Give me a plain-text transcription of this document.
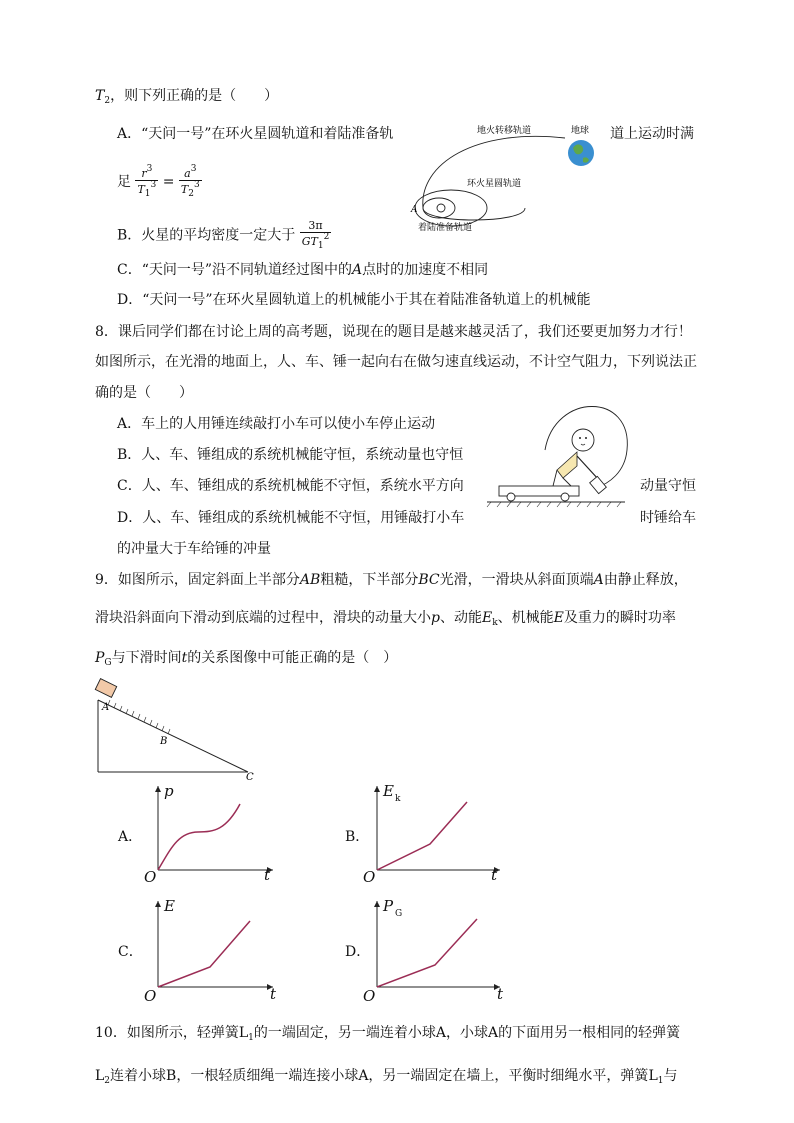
$T_2$，则下列正确的是（　　）
A．“天问一号”在环火星圆轨道和着陆准备轨	道上运动时满
足 $\frac{r^3}{T_1^3} = \frac{a^3}{T_2^3}$
B．火星的平均密度一定大于 $\frac{3\pi}{GT_1^2}$
C．“天问一号”沿不同轨道经过图中的A点时的加速度不相同
D．“天问一号”在环火星圆轨道上的机械能小于其在着陆准备轨道上的机械能
地火转移轨道	地球
环火星圆轨道
着陆准备轨道
A
8．课后同学们都在讨论上周的高考题，说现在的题目是越来越灵活了，我们还要更加努力才行！
如图所示，在光滑的地面上，人、车、锤一起向右在做匀速直线运动，不计空气阻力，下列说法正
确的是（　　）
A．车上的人用锤连续敲打小车可以使小车停止运动
B．人、车、锤组成的系统机械能守恒，系统动量也守恒
C．人、车、锤组成的系统机械能不守恒，系统水平方向	动量守恒
D．人、车、锤组成的系统机械能不守恒，用锤敲打小车	时锤给车
的冲量大于车给锤的冲量
9．如图所示，固定斜面上半部分AB粗糙，下半部分BC光滑，一滑块从斜面顶端A由静止释放，
滑块沿斜面向下滑动到底端的过程中，滑块的动量大小p、动能$E_k$、机械能E及重力的瞬时功率
$P_G$与下滑时间t的关系图像中可能正确的是（　）
A
B
C
A．
p
O	t
B．
E k
O	t
C．
E
O	t
D．
P G
O	t
10．如图所示，轻弹簧$L_1$的一端固定，另一端连着小球A，小球A的下面用另一根相同的轻弹簧
$L_2$连着小球B，一根轻质细绳一端连接小球A，另一端固定在墙上，平衡时细绳水平，弹簧$L_1$与
